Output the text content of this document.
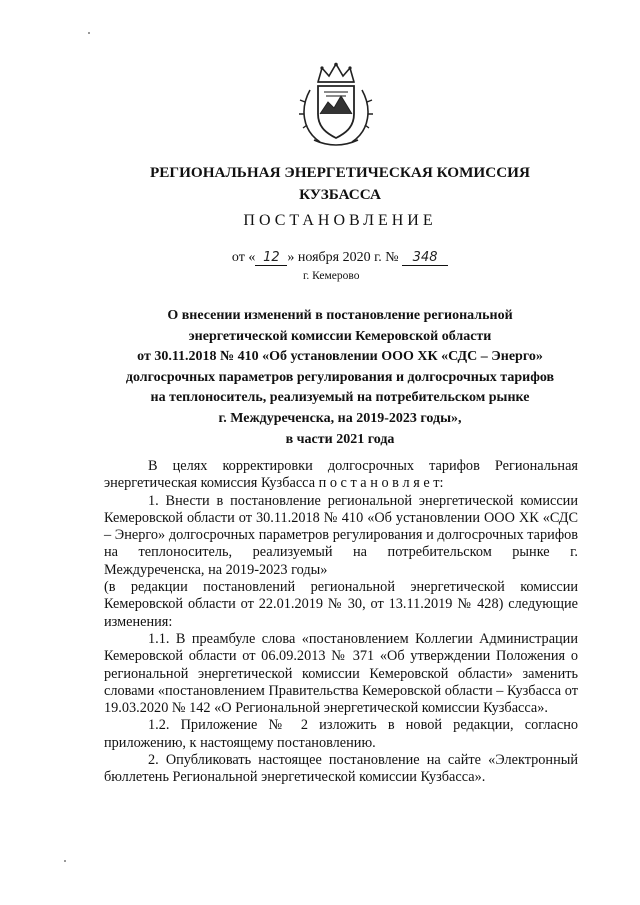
РЕГИОНАЛЬНАЯ ЭНЕРГЕТИЧЕСКАЯ КОМИССИЯ
КУЗБАССА
ПОСТАНОВЛЕНИЕ
от « 12 » ноября 2020 г. № 348
г. Кемерово
О внесении изменений в постановление региональной
энергетической комиссии Кемеровской области
от 30.11.2018 № 410 «Об установлении ООО ХК «СДС – Энерго»
долгосрочных параметров регулирования и долгосрочных тарифов
на теплоноситель, реализуемый на потребительском рынке
г. Междуреченска, на 2019-2023 годы»,
в части 2021 года

В целях корректировки долгосрочных тарифов Региональная энергетическая комиссия Кузбасса п о с т а н о в л я е т:

1. Внести в постановление региональной энергетической комиссии Кемеровской области от 30.11.2018 № 410 «Об установлении ООО ХК «СДС – Энерго» долгосрочных параметров регулирования и долгосрочных тарифов на теплоноситель, реализуемый на потребительском рынке г. Междуреченска, на 2019-2023 годы»

(в редакции постановлений региональной энергетической комиссии Кемеровской области от 22.01.2019 № 30, от 13.11.2019 № 428) следующие изменения:

1.1. В преамбуле слова «постановлением Коллегии Администрации Кемеровской области от 06.09.2013 № 371 «Об утверждении Положения о региональной энергетической комиссии Кемеровской области» заменить словами «постановлением Правительства Кемеровской области – Кузбасса от 19.03.2020 № 142 «О Региональной энергетической комиссии Кузбасса».

1.2. Приложение № 2 изложить в новой редакции, согласно приложению, к настоящему постановлению.

2. Опубликовать настоящее постановление на сайте «Электронный бюллетень Региональной энергетической комиссии Кузбасса».
